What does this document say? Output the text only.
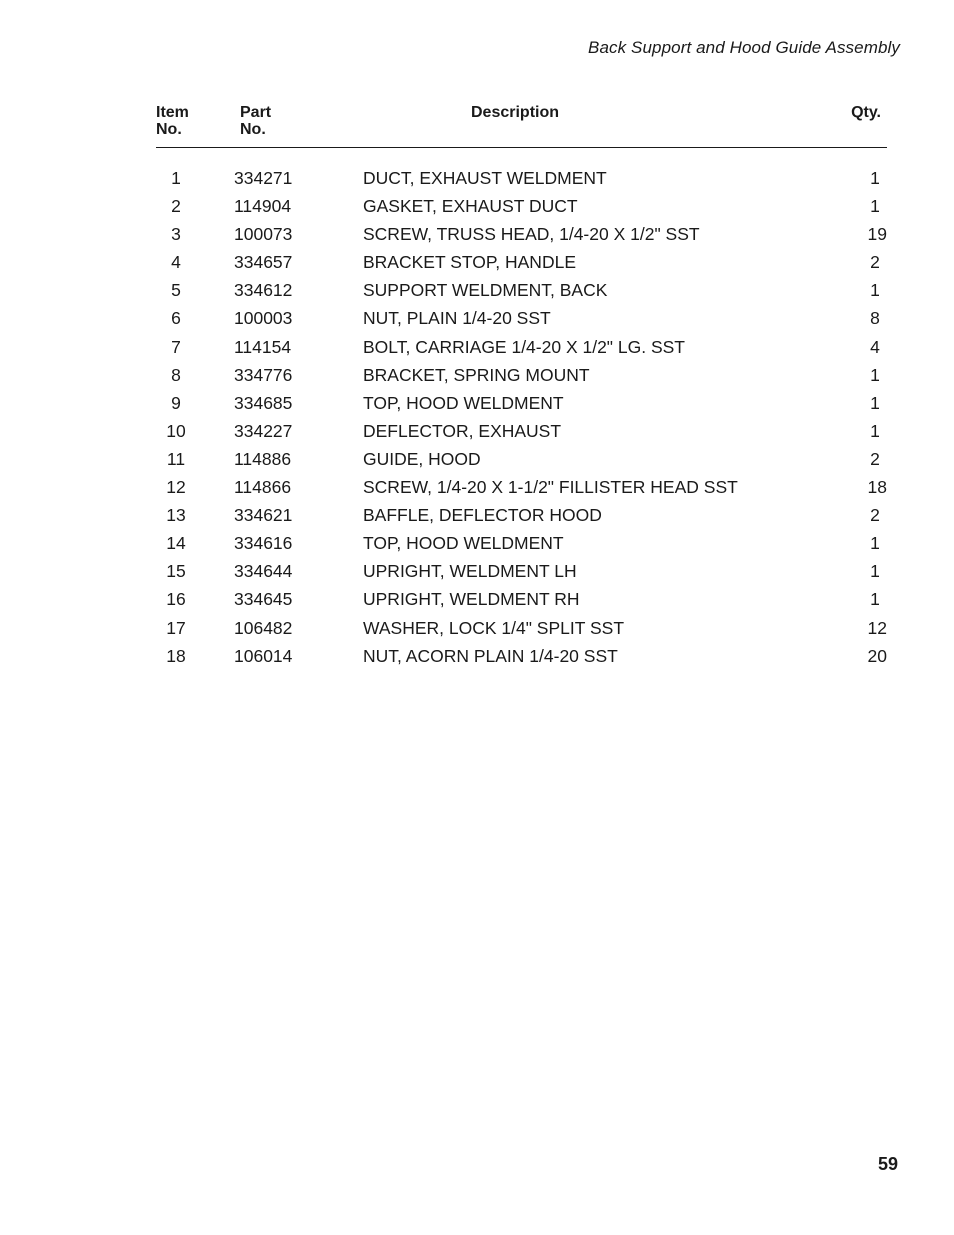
Back Support and Hood Guide Assembly
Item
No.
Part
No.
Description	Qty.
1	334271	DUCT, EXHAUST WELDMENT	1
2	114904	GASKET, EXHAUST DUCT	1
3	100073	SCREW, TRUSS HEAD, 1/4-20 X 1/2" SST	19
4	334657	BRACKET STOP, HANDLE	2
5	334612	SUPPORT WELDMENT, BACK	1
6	100003	NUT, PLAIN 1/4-20 SST	8
7	114154	BOLT, CARRIAGE 1/4-20 X 1/2" LG. SST	4
8	334776	BRACKET, SPRING MOUNT	1
9	334685	TOP, HOOD WELDMENT	1
10	334227	DEFLECTOR, EXHAUST	1
11	114886	GUIDE, HOOD	2
12	114866	SCREW, 1/4-20 X 1-1/2" FILLISTER HEAD SST	18
13	334621	BAFFLE, DEFLECTOR HOOD	2
14	334616	TOP, HOOD WELDMENT	1
15	334644	UPRIGHT, WELDMENT LH	1
16	334645	UPRIGHT, WELDMENT RH	1
17	106482	WASHER, LOCK 1/4" SPLIT SST	12
18	106014	NUT, ACORN PLAIN 1/4-20 SST	20
59
